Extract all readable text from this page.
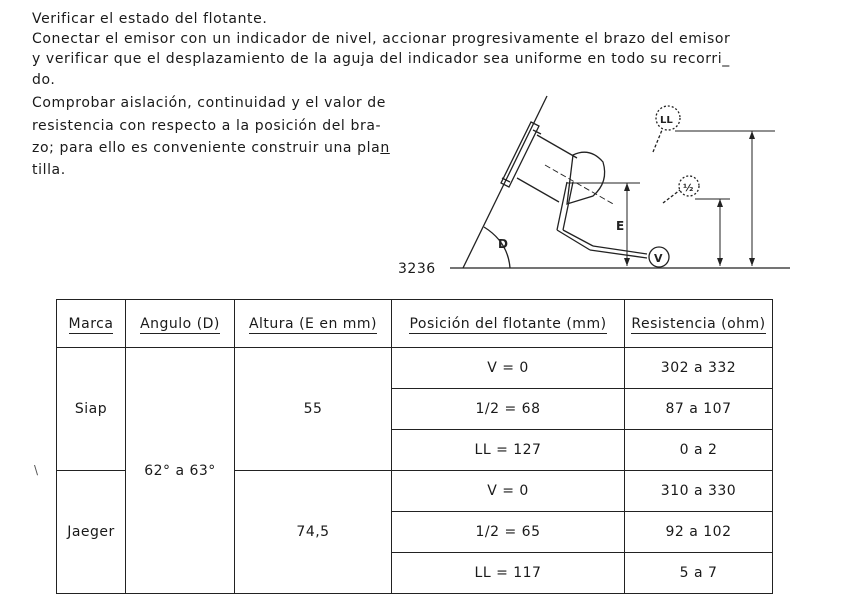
Verificar el estado del flotante.
Conectar el emisor con un indicador de nivel, accionar progresivamente el brazo del emisor
y verificar que el desplazamiento de la aguja del indicador sea uniforme en todo su recorri_
do.
Comprobar aislación, continuidad y el valor de
resistencia con respecto a la posición del bra-
zo; para ello es conveniente construir una plan
tilla.
D
E
V
½
LL
3236
\
Marca	Angulo (D)	Altura (E en mm)	Posición del flotante (mm)	Resistencia (ohm)
Siap	62° a 63°	55	V = 0	302 a 332
			1/2 = 68	87 a 107
			LL = 127	0 a 2
Jaeger		74,5	V = 0	310 a 330
			1/2 = 65	92 a 102
			LL = 117	5 a 7
